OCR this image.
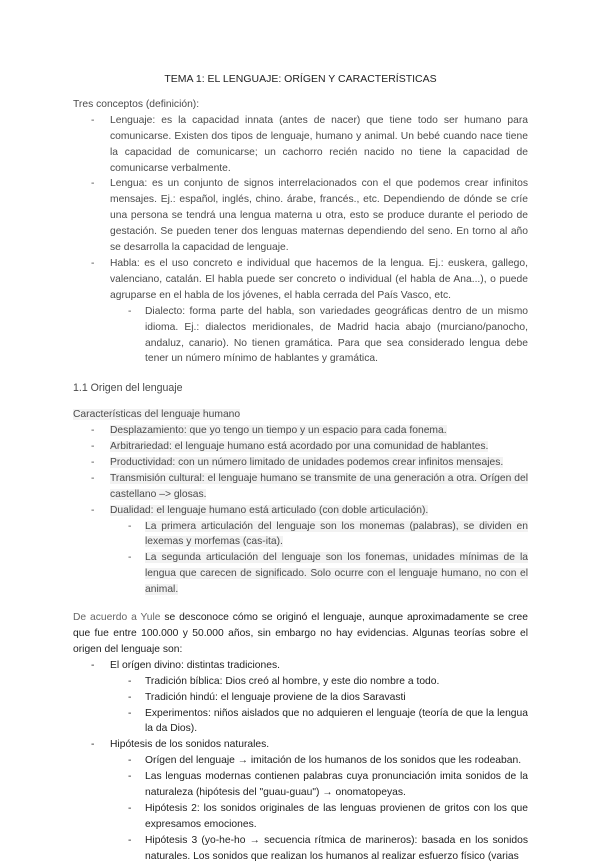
TEMA 1: EL LENGUAJE: ORÍGEN Y CARACTERÍSTICAS

Tres conceptos (definición):

- Lenguaje: es la capacidad innata (antes de nacer) que tiene todo ser humano para comunicarse. Existen dos tipos de lenguaje, humano y animal. Un bebé cuando nace tiene la capacidad de comunicarse; un cachorro recién nacido no tiene la capacidad de comunicarse verbalmente.
- Lengua: es un conjunto de signos interrelacionados con el que podemos crear infinitos mensajes. Ej.: español, inglés, chino. árabe, francés., etc. Dependiendo de dónde se críe una persona se tendrá una lengua materna u otra, esto se produce durante el periodo de gestación. Se pueden tener dos lenguas maternas dependiendo del seno. En torno al año se desarrolla la capacidad de lenguaje.
- Habla: es el uso concreto e individual que hacemos de la lengua. Ej.: euskera, gallego, valenciano, catalán. El habla puede ser concreto o individual (el habla de Ana...), o puede agruparse en el habla de los jóvenes, el habla cerrada del País Vasco, etc.
- Dialecto: forma parte del habla, son variedades geográficas dentro de un mismo idioma. Ej.: dialectos meridionales, de Madrid hacia abajo (murciano/panocho, andaluz, canario). No tienen gramática. Para que sea considerado lengua debe tener un número mínimo de hablantes y gramática.

1.1 Origen del lenguaje

Características del lenguaje humano

- Desplazamiento: que yo tengo un tiempo y un espacio para cada fonema.
- Arbitrariedad: el lenguaje humano está acordado por una comunidad de hablantes.
- Productividad: con un número limitado de unidades podemos crear infinitos mensajes.
- Transmisión cultural: el lenguaje humano se transmite de una generación a otra. Orígen del castellano –> glosas.
- Dualidad: el lenguaje humano está articulado (con doble articulación).
- La primera articulación del lenguaje son los monemas (palabras), se dividen en lexemas y morfemas (cas-ita).
- La segunda articulación del lenguaje son los fonemas, unidades mínimas de la lengua que carecen de significado. Solo ocurre con el lenguaje humano, no con el animal.

De acuerdo a Yule se desconoce cómo se originó el lenguaje, aunque aproximadamente se cree que fue entre 100.000 y 50.000 años, sin embargo no hay evidencias. Algunas teorías sobre el origen del lenguaje son:

- El orígen divino: distintas tradiciones.
- Tradición bíblica: Dios creó al hombre, y este dio nombre a todo.
- Tradición hindú: el lenguaje proviene de la dios Saravasti
- Experimentos: niños aislados que no adquieren el lenguaje (teoría de que la lengua la da Dios).
- Hipótesis de los sonidos naturales.
- Orígen del lenguaje → imitación de los humanos de los sonidos que les rodeaban.
- Las lenguas modernas contienen palabras cuya pronunciación imita sonidos de la naturaleza (hipótesis del "guau-guau") → onomatopeyas.
- Hipótesis 2: los sonidos originales de las lenguas provienen de gritos con los que expresamos emociones.
- Hipótesis 3 (yo-he-ho → secuencia rítmica de marineros): basada en los sonidos naturales. Los sonidos que realizan los humanos al realizar esfuerzo físico (varias
